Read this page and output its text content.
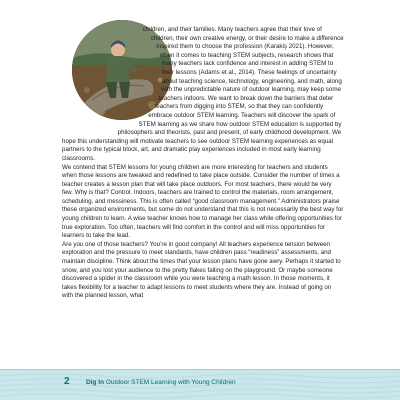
children, and their families. Many teachers agree that their love of children, their own creative energy, or their desire to make a difference inspired them to choose the profession (Karakiş 2021). However, when it comes to teaching STEM subjects, research shows that many teachers lack confidence and interest in adding STEM to their lessons (Adams et al., 2014). These feelings of uncertainty about teaching science, technology, engineering, and math, along with the unpredictable nature of outdoor learning, may keep some teachers indoors. We want to break down the barriers that deter teachers from digging into STEM, so that they can confidently embrace outdoor STEM learning. Teachers will discover the spark of STEM learning as we share how outdoor STEM education is supported by philosophers and theorists, past and present, of early childhood development. We hope this understanding will motivate teachers to see outdoor STEM learning experiences as equal partners to the typical block, art, and dramatic play experiences included in most early learning classrooms.

We contend that STEM lessons for young children are more interesting for teachers and students when those lessons are tweaked and redefined to take place outside. Consider the number of times a teacher creates a lesson plan that will take place outdoors. For most teachers, there would be very few. Why is that? Control. Indoors, teachers are trained to control the materials, room arrangement, scheduling, and messiness. This is often called “good classroom management.” Administrators praise these organized environments, but some do not understand that this is not necessarily the best way for young children to learn. A wise teacher knows how to manage her class while offering opportunities for true exploration. Too often, teachers will find comfort in the control and will miss opportunities for learners to take the lead.

Are you one of those teachers? You’re in good company! All teachers experience tension between exploration and the pressure to meet standards, have children pass “readiness” assessments, and maintain discipline. Think about the times that your lesson plans have gone awry. Perhaps it started to snow, and you lost your audience to the pretty flakes falling on the playground. Or maybe someone discovered a spider in the classroom while you were teaching a math lesson. In those moments, it takes flexibility for a teacher to adapt lessons to meet students where they are. Instead of going on with the planned lesson, what

2	Dig In Outdoor STEM Learning with Young Children
